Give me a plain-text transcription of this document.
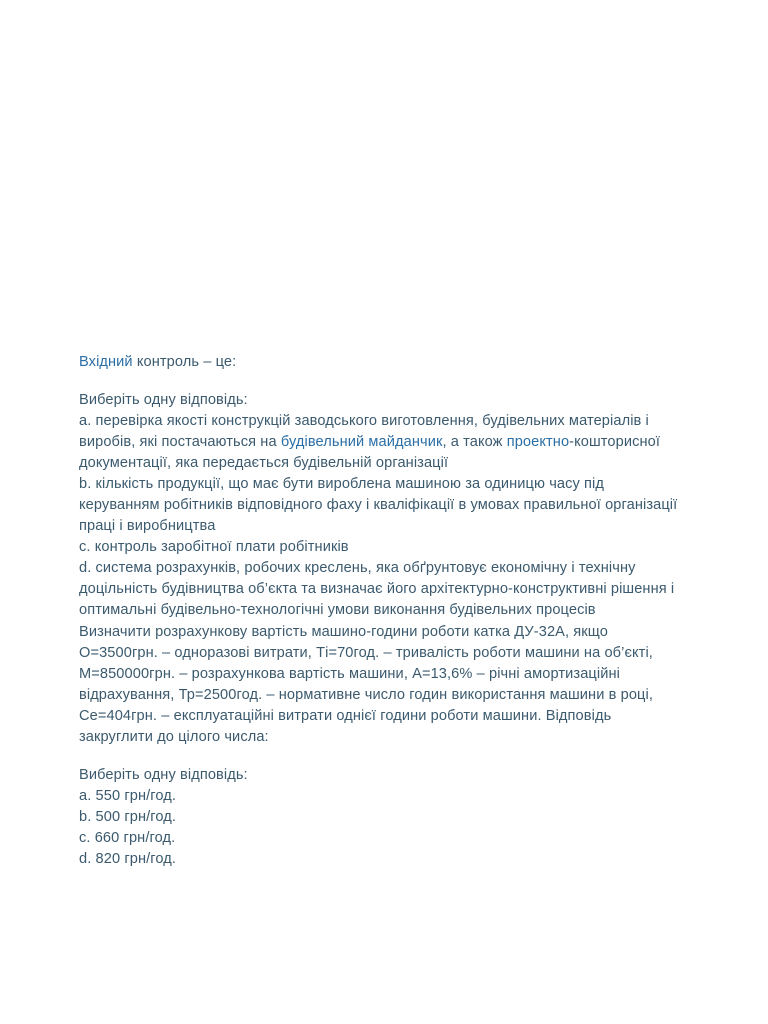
Вхідний контроль – це:

Виберіть одну відповідь:

a. перевірка якості конструкцій заводського виготовлення, будівельних матеріалів і виробів, які постачаються на будівельний майданчик, а також проектно-кошторисної документації, яка передається будівельній організації

b. кількість продукції, що має бути вироблена машиною за одиницю часу під керуванням робітників відповідного фаху і кваліфікації в умовах правильної організації праці і виробництва

c. контроль заробітної плати робітників

d. система розрахунків, робочих креслень, яка обґрунтовує економічну і технічну доцільність будівництва об’єкта та визначає його архітектурно-конструктивні рішення і оптимальні будівельно-технологічні умови виконання будівельних процесів

Визначити розрахункову вартість машино-години роботи катка ДУ-32А, якщо О=3500грн. – одноразові витрати, Ті=70год. – тривалість роботи машини на об’єкті, М=850000грн. – розрахункова вартість машини, А=13,6% – річні амортизаційні відрахування, Тр=2500год. – нормативне число годин використання машини в році, Се=404грн. – експлуатаційні витрати однієї години роботи машини. Відповідь закруглити до цілого числа:

Виберіть одну відповідь:

a. 550 грн/год.

b. 500 грн/год.

c. 660 грн/год.

d. 820 грн/год.
